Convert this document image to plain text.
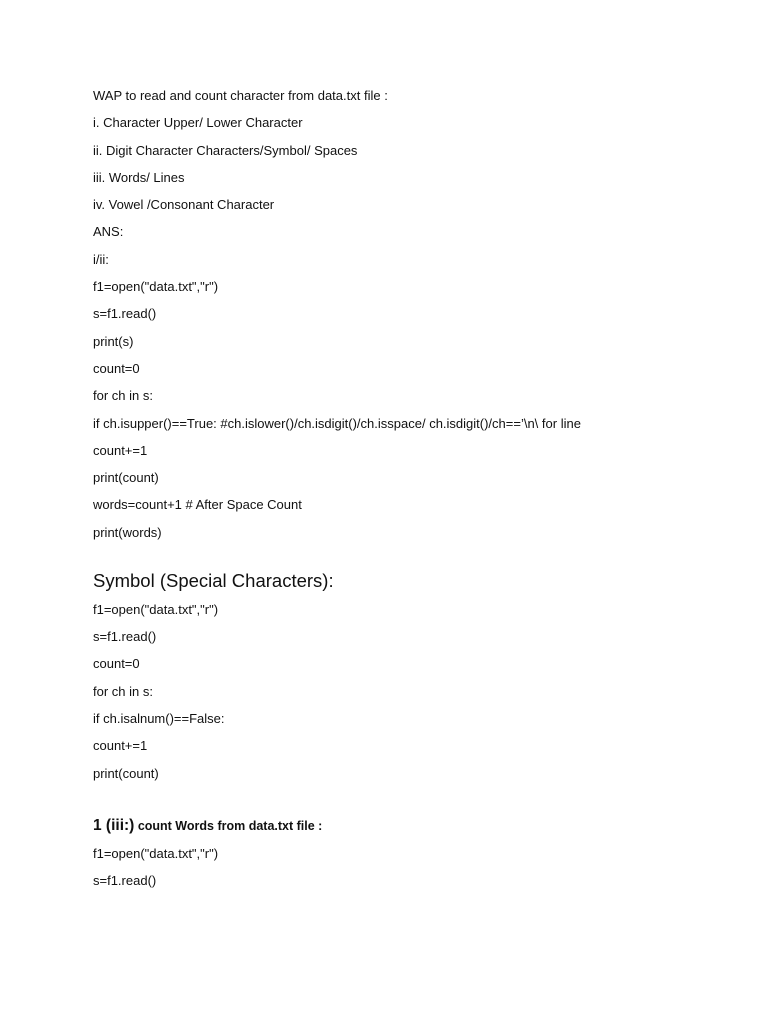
WAP to read and count character from data.txt file :
i. Character Upper/ Lower Character
ii. Digit Character Characters/Symbol/ Spaces
iii. Words/ Lines
iv. Vowel /Consonant Character
ANS:
i/ii:
f1=open("data.txt","r")
s=f1.read()
print(s)
count=0
for ch in s:
if ch.isupper()==True: #ch.islower()/ch.isdigit()/ch.isspace/ ch.isdigit()/ch==’\n\ for line
count+=1
print(count)
words=count+1 # After Space Count
print(words)
Symbol (Special Characters):
f1=open("data.txt","r")
s=f1.read()
count=0
for ch in s:
if ch.isalnum()==False:
count+=1
print(count)
1 (iii:) count Words from data.txt file :
f1=open("data.txt","r")
s=f1.read()
